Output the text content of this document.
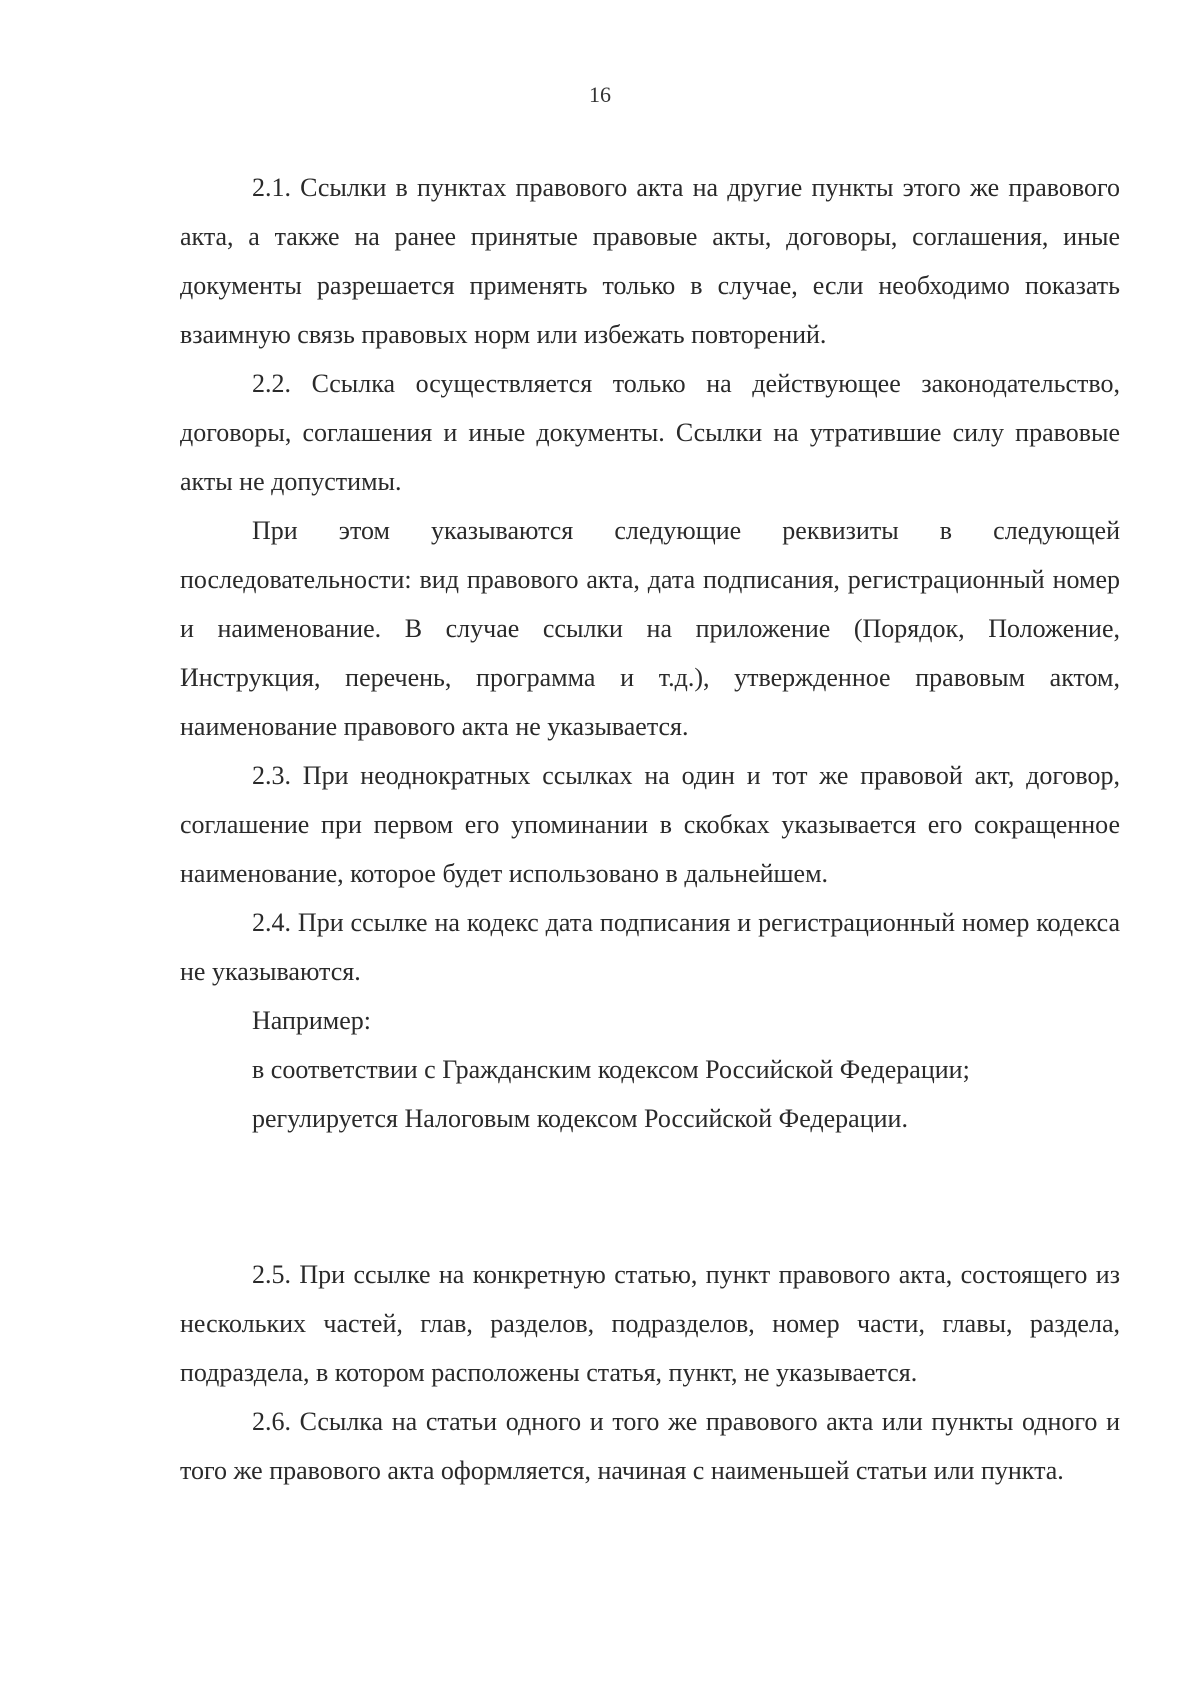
16

2.1. Ссылки в пунктах правового акта на другие пункты этого же правового акта, а также на ранее принятые правовые акты, договоры, соглашения, иные документы разрешается применять только в случае, если необходимо показать взаимную связь правовых норм или избежать повторений.

2.2. Ссылка осуществляется только на действующее законодательство, договоры, соглашения и иные документы. Ссылки на утратившие силу правовые акты не допустимы.

При этом указываются следующие реквизиты в следующей последовательности: вид правового акта, дата подписания, регистрационный номер и наименование. В случае ссылки на приложение (Порядок, Положение, Инструкция, перечень, программа и т.д.), утвержденное правовым актом, наименование правового акта не указывается.

2.3. При неоднократных ссылках на один и тот же правовой акт, договор, соглашение при первом его упоминании в скобках указывается его сокращенное наименование, которое будет использовано в дальнейшем.

2.4. При ссылке на кодекс дата подписания и регистрационный номер кодекса не указываются.

Например:

в соответствии с Гражданским кодексом Российской Федерации;

регулируется Налоговым кодексом Российской Федерации.

2.5. При ссылке на конкретную статью, пункт правового акта, состоящего из нескольких частей, глав, разделов, подразделов, номер части, главы, раздела, подраздела, в котором расположены статья, пункт, не указывается.

2.6. Ссылка на статьи одного и того же правового акта или пункты одного и того же правового акта оформляется, начиная с наименьшей статьи или пункта.
